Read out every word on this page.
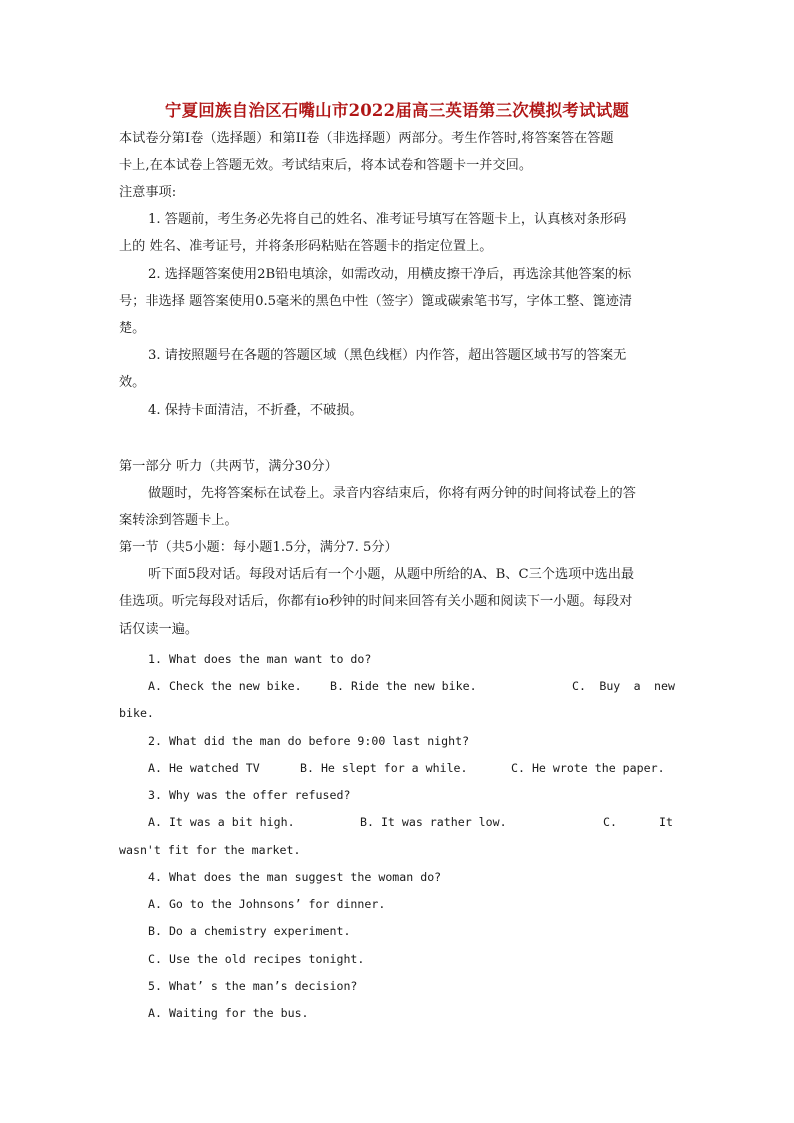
宁夏回族自治区石嘴山市2022届高三英语第三次模拟考试试题
本试卷分第Ⅰ卷（选择题）和第II卷（非选择题）两部分。考生作答时,将答案答在答题
卡上,在本试卷上答题无效。考试结束后，将本试卷和答题卡一并交回。
注意事项:
1. 答题前，考生务必先将自己的姓名、准考证号填写在答题卡上，认真核对条形码
上的 姓名、准考证号，并将条形码粘贴在答题卡的指定位置上。
2. 选择题答案使用2B铅电填涂，如需改动，用横皮擦干净后，再选涂其他答案的标
号；非选择 题答案使用0.5毫米的黑色中性（签字）篦或碳索笔书写，字体工整、篦迹清
楚。
3. 请按照题号在各题的答题区域（黑色线框）内作答，超出答题区域书写的答案无
效。
4. 保持卡面清洁，不折叠，不破损。
第一部分 听力（共两节，满分30分）
做题时，先将答案标在试卷上。录音内容结束后，你将有两分钟的时间将试卷上的答
案转涂到答题卡上。
第一节（共5小题：每小题1.5分，满分7. 5分）
听下面5段对话。每段对话后有一个小题，从题中所给的A、B、C三个选项中选出最
佳选项。听完每段对话后，你都有io秒钟的时间来回答有关小题和阅读下一小题。每段对
话仅读一遍。
1. What does the man want to do?
A. Check the new bike. B. Ride the new bike.	C. Buy a new
bike.
2. What did the man do before 9:00 last night?
A. He watched TV	B. He slept for a while.	C. He wrote the paper.
3. Why was the offer refused?
A. It was a bit high.	B. It was rather low.	C.	It
wasn't fit for the market.
4. What does the man suggest the woman do?
A. Go to the Johnsons’ for dinner.
B. Do a chemistry experiment.
C. Use the old recipes tonight.
5. What’ s the man’s decision?
A. Waiting for the bus.
